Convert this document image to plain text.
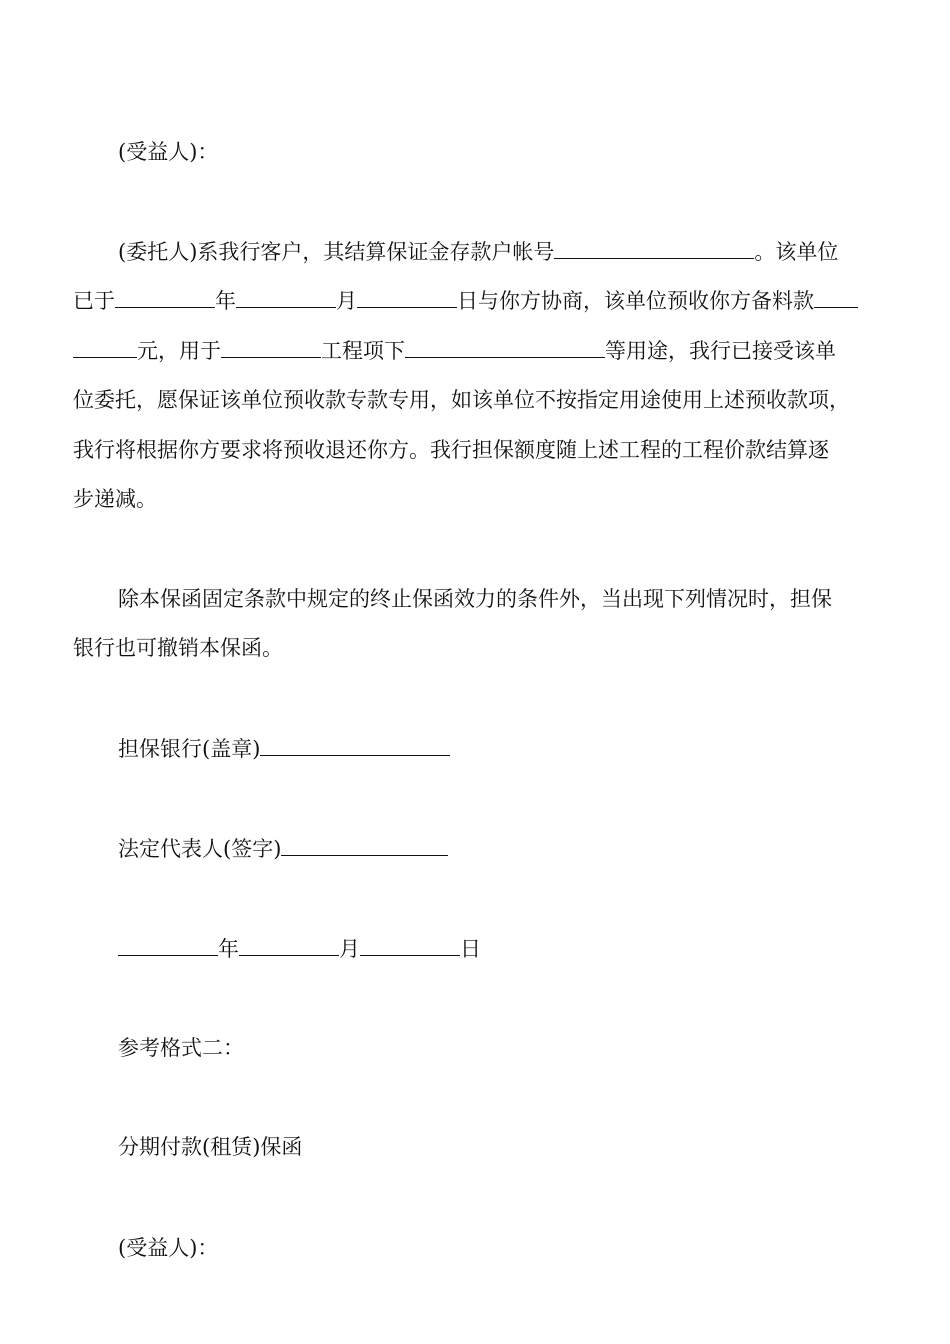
(受益人)：
(委托人)系我行客户，其结算保证金存款户帐号	。该单位
已于	年	月	日与你方协商，该单位预收你方备料款
元，用于	工程项下	等用途，我行已接受该单
位委托，愿保证该单位预收款专款专用，如该单位不按指定用途使用上述预收款项，
我行将根据你方要求将预收退还你方。我行担保额度随上述工程的工程价款结算逐
步递减。
除本保函固定条款中规定的终止保函效力的条件外，当出现下列情况时，担保
银行也可撤销本保函。
担保银行(盖章)
法定代表人(签字)
年	月	日
参考格式二：
分期付款(租赁)保函
(受益人)：
